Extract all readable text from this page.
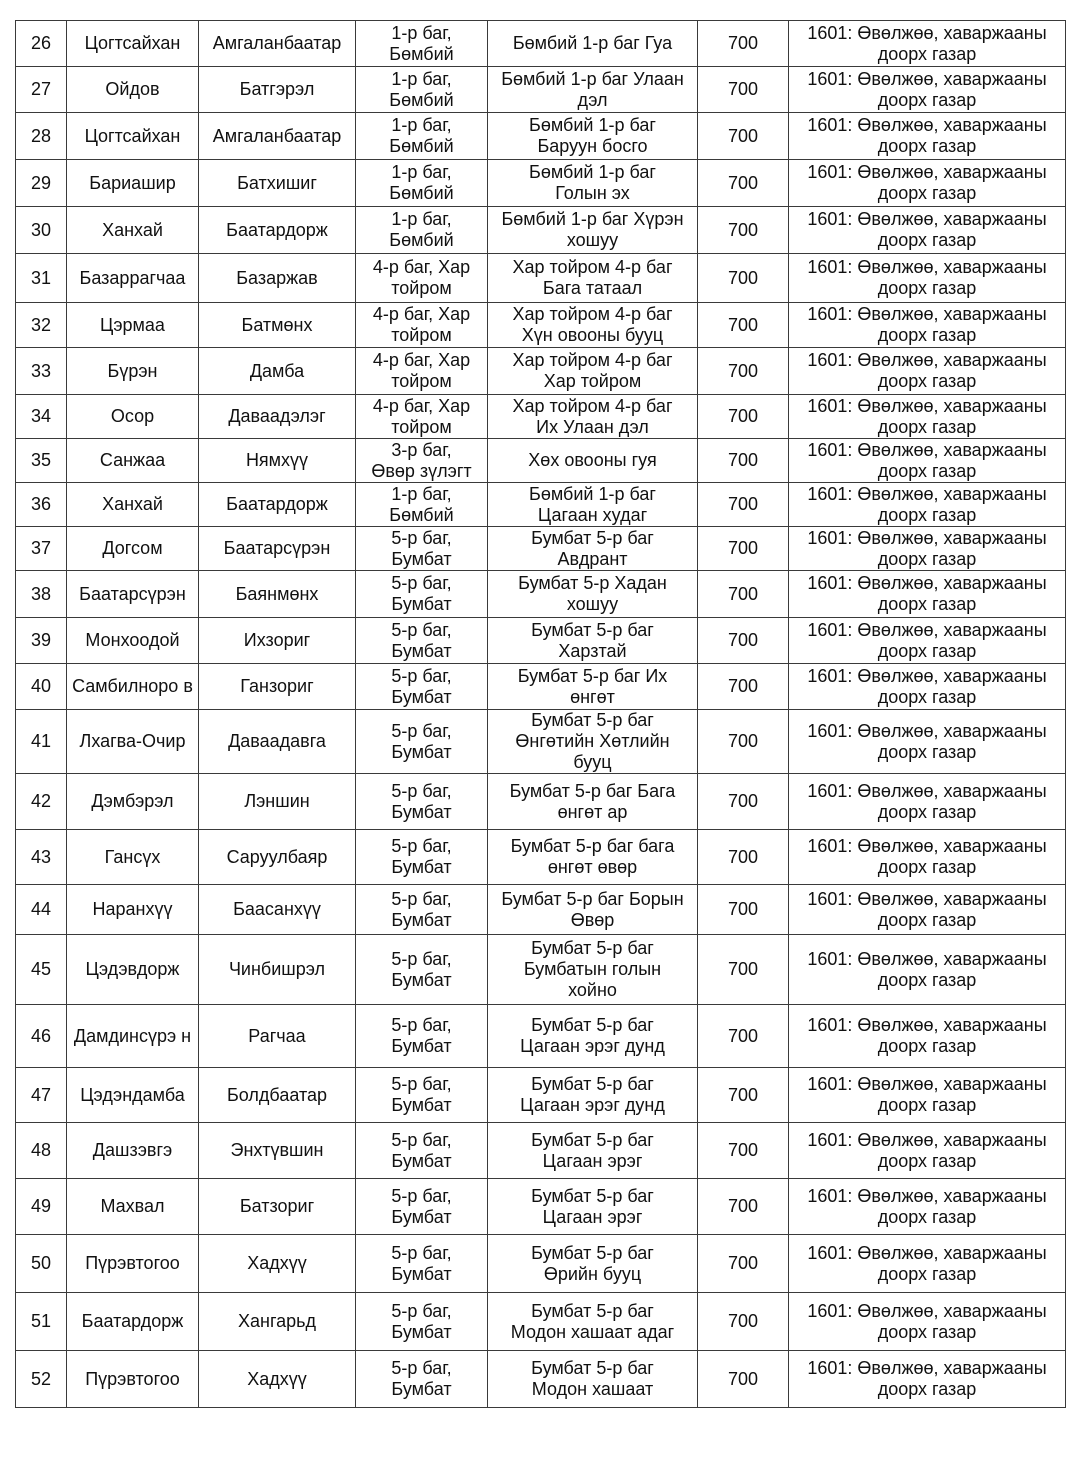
26	Цогтсайхан	Амгаланбаатар	1-р баг,
Бөмбий	Бөмбий 1-р баг Гуа	700	1601: Өвөлжөө, хаваржааны
доорх газар
27	Ойдов	Батгэрэл	1-р баг,
Бөмбий	Бөмбий 1-р баг Улаан
дэл	700	1601: Өвөлжөө, хаваржааны
доорх газар
28	Цогтсайхан	Амгаланбаатар	1-р баг,
Бөмбий	Бөмбий 1-р баг
Баруун босго	700	1601: Өвөлжөө, хаваржааны
доорх газар
29	Бариашир	Батхишиг	1-р баг,
Бөмбий	Бөмбий 1-р баг
Голын эх	700	1601: Өвөлжөө, хаваржааны
доорх газар
30	Ханхай	Баатардорж	1-р баг,
Бөмбий	Бөмбий 1-р баг Хүрэн
хошуу	700	1601: Өвөлжөө, хаваржааны
доорх газар
31	Базаррагчаа	Базаржав	4-р баг, Хар
тойром	Хар тойром 4-р баг
Бага татаал	700	1601: Өвөлжөө, хаваржааны
доорх газар
32	Цэрмаа	Батмөнх	4-р баг, Хар
тойром	Хар тойром 4-р баг
Хүн овооны бууц	700	1601: Өвөлжөө, хаваржааны
доорх газар
33	Бүрэн	Дамба	4-р баг, Хар
тойром	Хар тойром 4-р баг
Хар тойром	700	1601: Өвөлжөө, хаваржааны
доорх газар
34	Осор	Даваадэлэг	4-р баг, Хар
тойром	Хар тойром 4-р баг
Их Улаан дэл	700	1601: Өвөлжөө, хаваржааны
доорх газар
35	Санжаа	Нямхүү	3-р баг,
Өвөр зүлэгт	Хөх овооны гуя	700	1601: Өвөлжөө, хаваржааны
доорх газар
36	Ханхай	Баатардорж	1-р баг,
Бөмбий	Бөмбий 1-р баг
Цагаан худаг	700	1601: Өвөлжөө, хаваржааны
доорх газар
37	Догсом	Баатарсүрэн	5-р баг,
Бумбат	Бумбат 5-р баг
Авдрант	700	1601: Өвөлжөө, хаваржааны
доорх газар
38	Баатарсүрэн	Баянмөнх	5-р баг,
Бумбат	Бумбат 5-р Хадан
хошуу	700	1601: Өвөлжөө, хаваржааны
доорх газар
39	Монхоодой	Ихзориг	5-р баг,
Бумбат	Бумбат 5-р баг
Харзтай	700	1601: Өвөлжөө, хаваржааны
доорх газар
40	Самбилноро в	Ганзориг	5-р баг,
Бумбат	Бумбат 5-р баг Их
өнгөт	700	1601: Өвөлжөө, хаваржааны
доорх газар
41	Лхагва-Очир	Даваадавга	5-р баг,
Бумбат	Бумбат 5-р баг
Өнгөтийн Хөтлийн
бууц	700	1601: Өвөлжөө, хаваржааны
доорх газар
42	Дэмбэрэл	Лэншин	5-р баг,
Бумбат	Бумбат 5-р баг Бага
өнгөт ар	700	1601: Өвөлжөө, хаваржааны
доорх газар
43	Гансүх	Саруулбаяр	5-р баг,
Бумбат	Бумбат 5-р баг бага
өнгөт өвөр	700	1601: Өвөлжөө, хаваржааны
доорх газар
44	Наранхүү	Баасанхүү	5-р баг,
Бумбат	Бумбат 5-р баг Борын
Өвөр	700	1601: Өвөлжөө, хаваржааны
доорх газар
45	Цэдэвдорж	Чинбишрэл	5-р баг,
Бумбат	Бумбат 5-р баг
Бумбатын голын
хойно	700	1601: Өвөлжөө, хаваржааны
доорх газар
46	Дамдинсүрэ н	Рагчаа	5-р баг,
Бумбат	Бумбат 5-р баг
Цагаан эрэг дунд	700	1601: Өвөлжөө, хаваржааны
доорх газар
47	Цэдэндамба	Болдбаатар	5-р баг,
Бумбат	Бумбат 5-р баг
Цагаан эрэг дунд	700	1601: Өвөлжөө, хаваржааны
доорх газар
48	Дашзэвгэ	Энхтүвшин	5-р баг,
Бумбат	Бумбат 5-р баг
Цагаан эрэг	700	1601: Өвөлжөө, хаваржааны
доорх газар
49	Махвал	Батзориг	5-р баг,
Бумбат	Бумбат 5-р баг
Цагаан эрэг	700	1601: Өвөлжөө, хаваржааны
доорх газар
50	Пүрэвтогоо	Хадхүү	5-р баг,
Бумбат	Бумбат 5-р баг
Өрийн бууц	700	1601: Өвөлжөө, хаваржааны
доорх газар
51	Баатардорж	Хангарьд	5-р баг,
Бумбат	Бумбат 5-р баг
Модон хашаат адаг	700	1601: Өвөлжөө, хаваржааны
доорх газар
52	Пүрэвтогоо	Хадхүү	5-р баг,
Бумбат	Бумбат 5-р баг
Модон хашаат	700	1601: Өвөлжөө, хаваржааны
доорх газар
